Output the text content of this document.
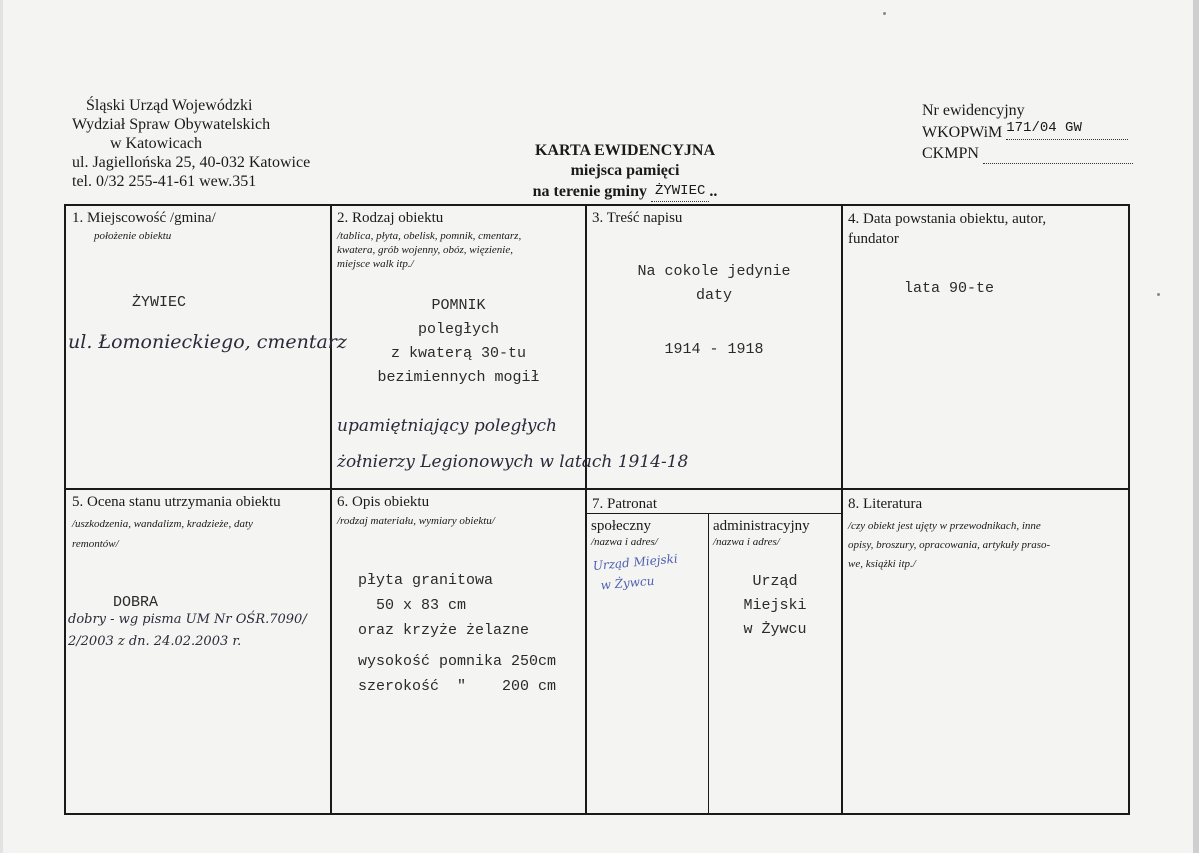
Śląski Urząd Wojewódzki
Wydział Spraw Obywatelskich
w Katowicach
ul. Jagiellońska 25, 40-032 Katowice
tel. 0/32 255-41-61 wew.351
KARTA EWIDENCYJNA
miejsca pamięci
na terenie gminy ŻYWIEC ..
Nr ewidencyjny
WKOPWiM 171/04 GW
CKMPN
1. Miejscowość /gmina/
położenie obiektu
ŻYWIEC
ul. Łomonieckiego, cmentarz
2. Rodzaj obiektu
/tablica, płyta, obelisk, pomnik, cmentarz,
kwatera, grób wojenny, obóz, więzienie,
miejsce walk itp./
POMNIK
poległych
z kwaterą 30-tu
bezimiennych mogił
upamiętniający poległych
żołnierzy Legionowych w latach 1914-18
3. Treść napisu
Na cokole jedynie
daty
1914 - 1918
4. Data powstania obiektu, autor,
fundator
lata 90-te
5. Ocena stanu utrzymania obiektu
/uszkodzenia, wandalizm, kradzieże, daty
remontów/
DOBRA
dobry - wg pisma UM Nr OŚR.7090/
2/2003 z dn. 24.02.2003 r.
6. Opis obiektu
/rodzaj materiału, wymiary obiektu/
płyta granitowa
50 x 83 cm
oraz krzyże żelazne
wysokość pomnika 250cm
szerokość  "    200 cm
7. Patronat
społeczny
/nazwa i adres/
Urząd Miejski
w Żywcu
administracyjny
/nazwa i adres/
Urząd
Miejski
w Żywcu
8. Literatura
/czy obiekt jest ujęty w przewodnikach, inne
opisy, broszury, opracowania, artykuły praso-
we, książki itp./
